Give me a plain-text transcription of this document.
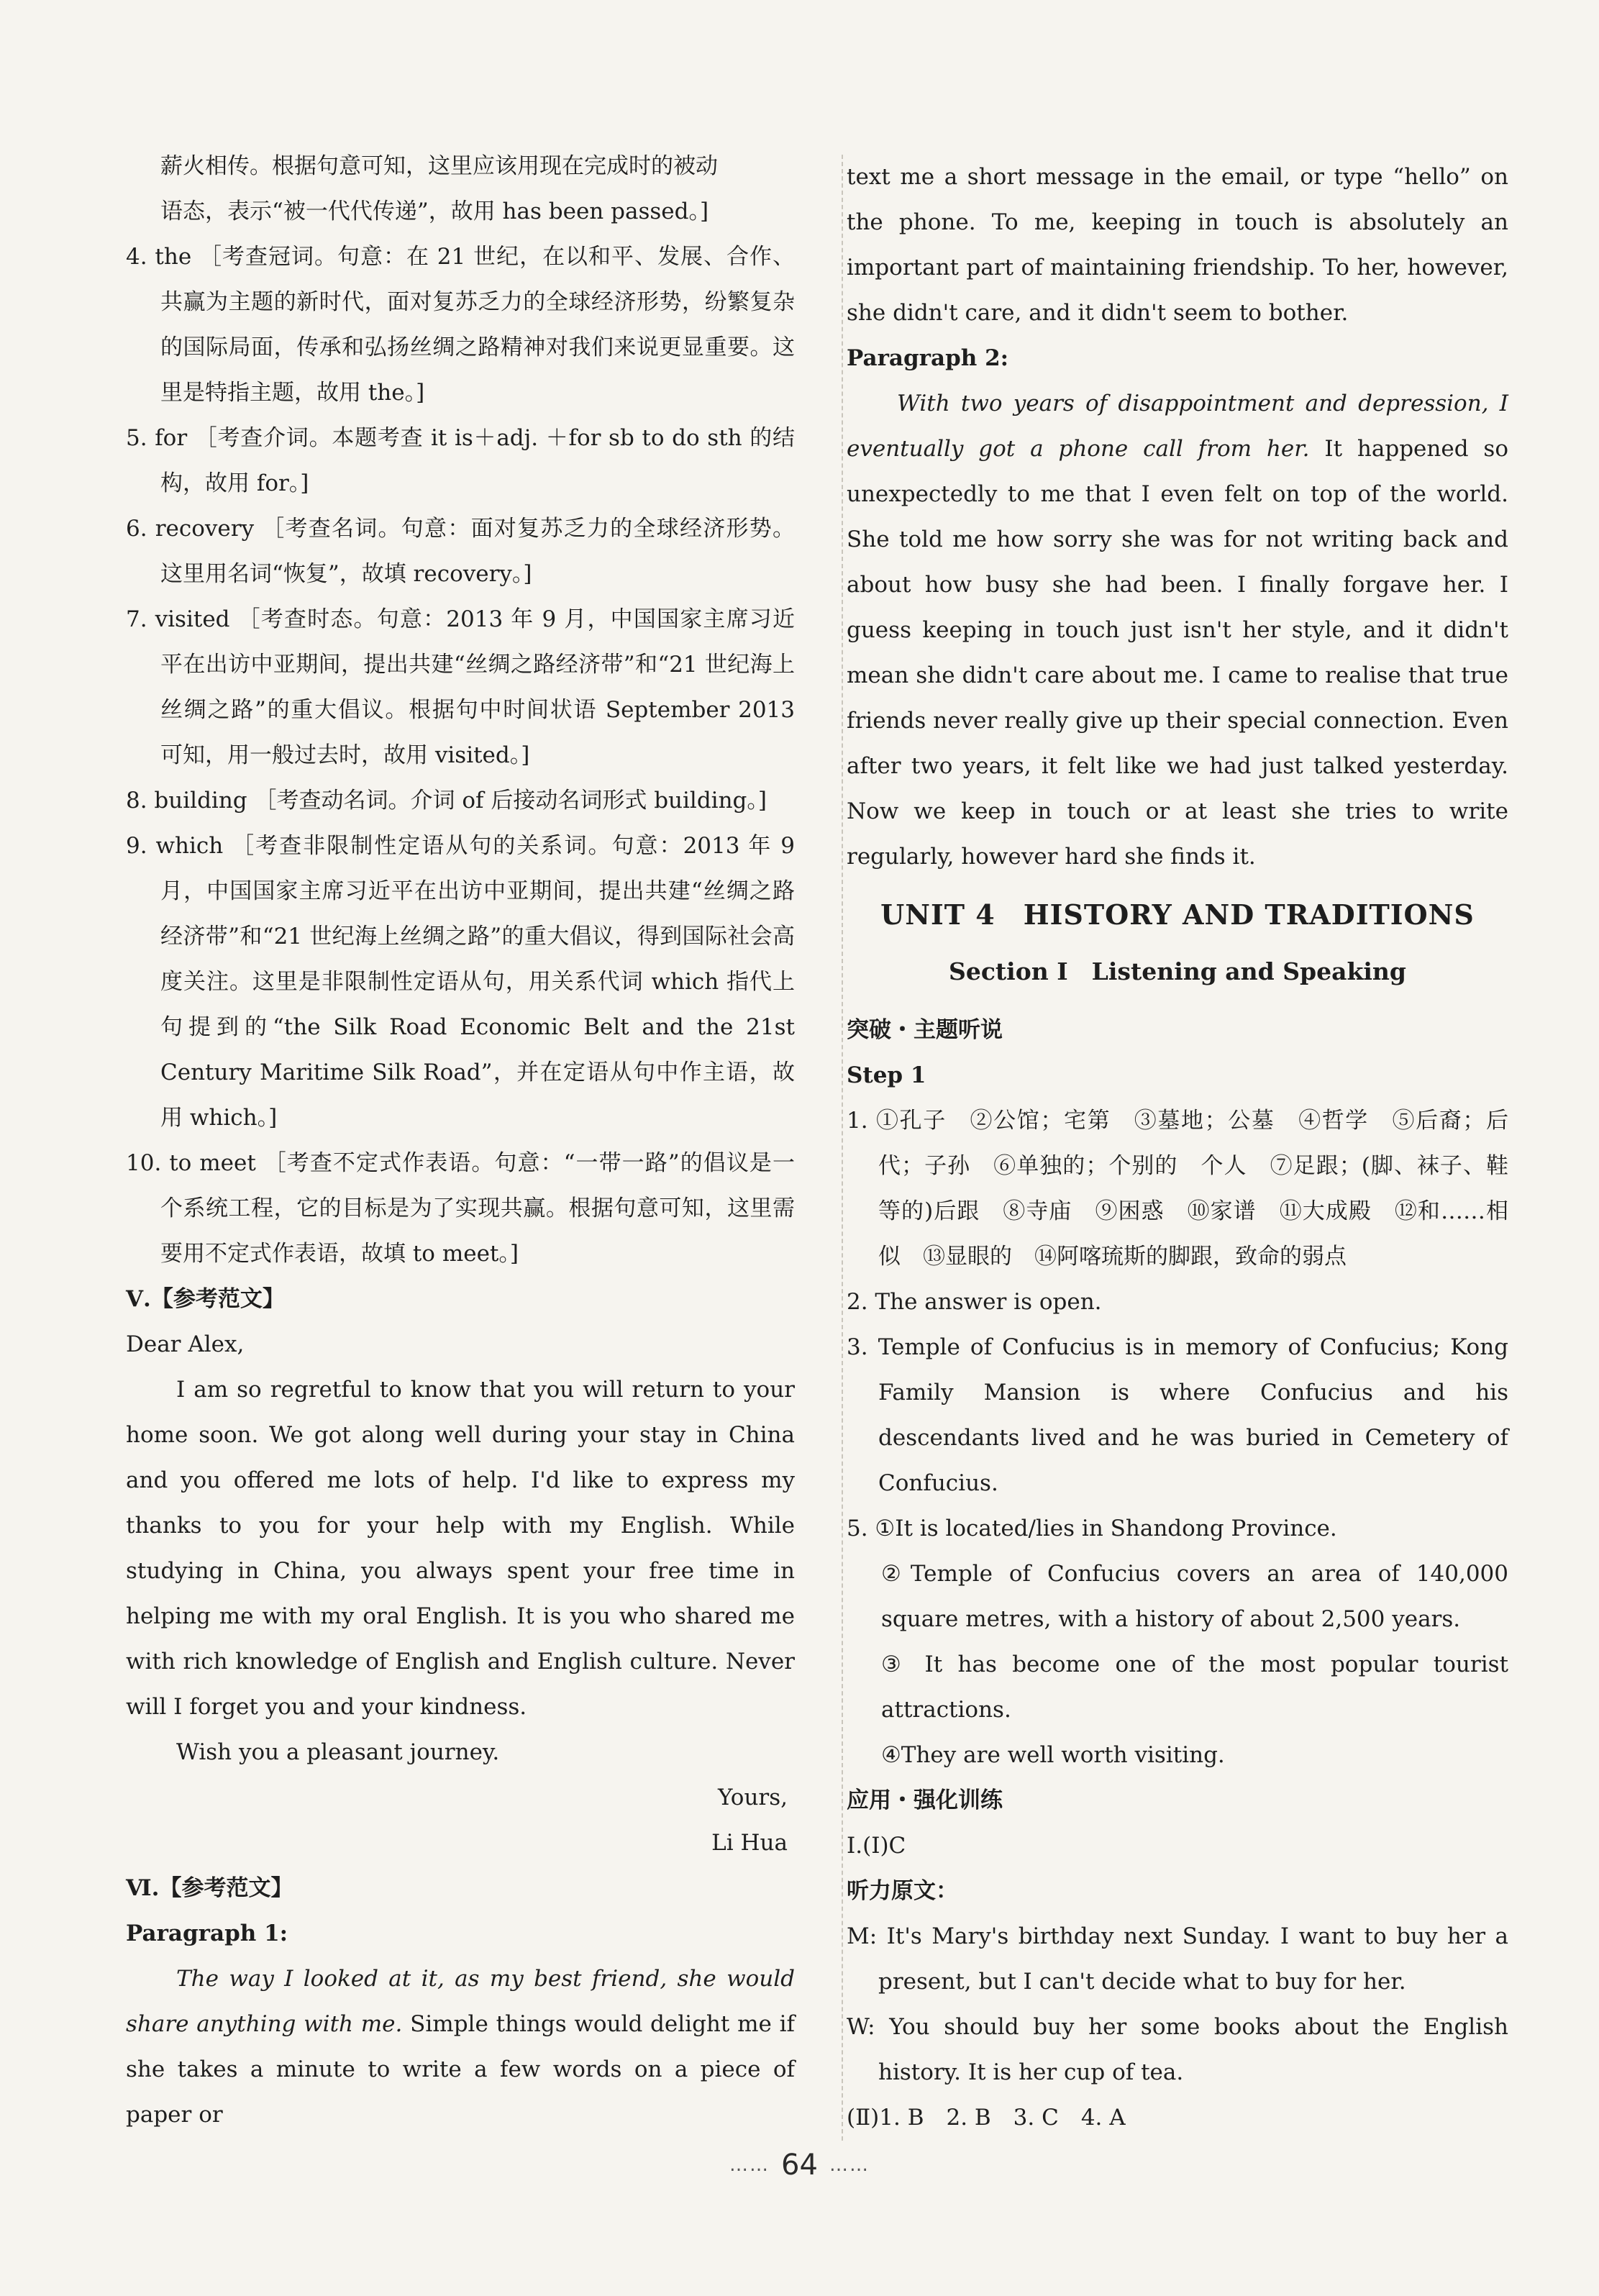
薪火相传。根据句意可知，这里应该用现在完成时的被动

语态，表示“被一代代传递”，故用 has been passed。]

4. the ［考查冠词。句意：在 21 世纪，在以和平、发展、合作、共赢为主题的新时代，面对复苏乏力的全球经济形势，纷繁复杂的国际局面，传承和弘扬丝绸之路精神对我们来说更显重要。这里是特指主题，故用 the。]

5. for ［考查介词。本题考查 it is＋adj. ＋for sb to do sth 的结构，故用 for。]

6. recovery ［考查名词。句意：面对复苏乏力的全球经济形势。这里用名词“恢复”，故填 recovery。]

7. visited ［考查时态。句意：2013 年 9 月，中国国家主席习近平在出访中亚期间，提出共建“丝绸之路经济带”和“21 世纪海上丝绸之路”的重大倡议。根据句中时间状语 September 2013 可知，用一般过去时，故用 visited。]

8. building ［考查动名词。介词 of 后接动名词形式 building。]

9. which ［考查非限制性定语从句的关系词。句意：2013 年 9 月，中国国家主席习近平在出访中亚期间，提出共建“丝绸之路经济带”和“21 世纪海上丝绸之路”的重大倡议，得到国际社会高度关注。这里是非限制性定语从句，用关系代词 which 指代上句提到的“the Silk Road Economic Belt and the 21st Century Maritime Silk Road”，并在定语从句中作主语，故用 which。]

10. to meet ［考查不定式作表语。句意：“一带一路”的倡议是一个系统工程，它的目标是为了实现共赢。根据句意可知，这里需要用不定式作表语，故填 to meet。]

Ⅴ.【参考范文】

Dear Alex,

I am so regretful to know that you will return to your home soon. We got along well during your stay in China and you offered me lots of help. I'd like to express my thanks to you for your help with my English. While studying in China, you always spent your free time in helping me with my oral English. It is you who shared me with rich knowledge of English and English culture. Never will I forget you and your kindness.

Wish you a pleasant journey.

Yours,

Li Hua

Ⅵ.【参考范文】

Paragraph 1:

The way I looked at it, as my best friend, she would share anything with me. Simple things would delight me if she takes a minute to write a few words on a piece of paper or

text me a short message in the email, or type “hello” on the phone. To me, keeping in touch is absolutely an important part of maintaining friendship. To her, however, she didn't care, and it didn't seem to bother.

Paragraph 2:

With two years of disappointment and depression, I eventually got a phone call from her. It happened so unexpectedly to me that I even felt on top of the world. She told me how sorry she was for not writing back and about how busy she had been. I finally forgave her. I guess keeping in touch just isn't her style, and it didn't mean she didn't care about me. I came to realise that true friends never really give up their special connection. Even after two years, it felt like we had just talked yesterday. Now we keep in touch or at least she tries to write regularly, however hard she finds it.

UNIT 4　HISTORY AND TRADITIONS
Section Ⅰ　Listening and Speaking

突破・主题听说

Step 1

1. ①孔子　②公馆；宅第　③墓地；公墓　④哲学　⑤后裔；后代；子孙　⑥单独的；个别的　个人　⑦足跟；(脚、袜子、鞋等的)后跟　⑧寺庙　⑨困惑　⑩家谱　⑪大成殿　⑫和……相似　⑬显眼的　⑭阿喀琉斯的脚跟，致命的弱点

2. The answer is open.

3. Temple of Confucius is in memory of Confucius; Kong Family Mansion is where Confucius and his descendants lived and he was buried in Cemetery of Confucius.

5. ①It is located/lies in Shandong Province.

②Temple of Confucius covers an area of 140,000 square metres, with a history of about 2,500 years.

③ It has become one of the most popular tourist attractions.

④They are well worth visiting.

应用・强化训练

Ⅰ.(Ⅰ)C

听力原文：

M: It's Mary's birthday next Sunday. I want to buy her a present, but I can't decide what to buy for her.

W: You should buy her some books about the English history. It is her cup of tea.

(Ⅱ)1. B　2. B　3. C　4. A

…… 64 ……
